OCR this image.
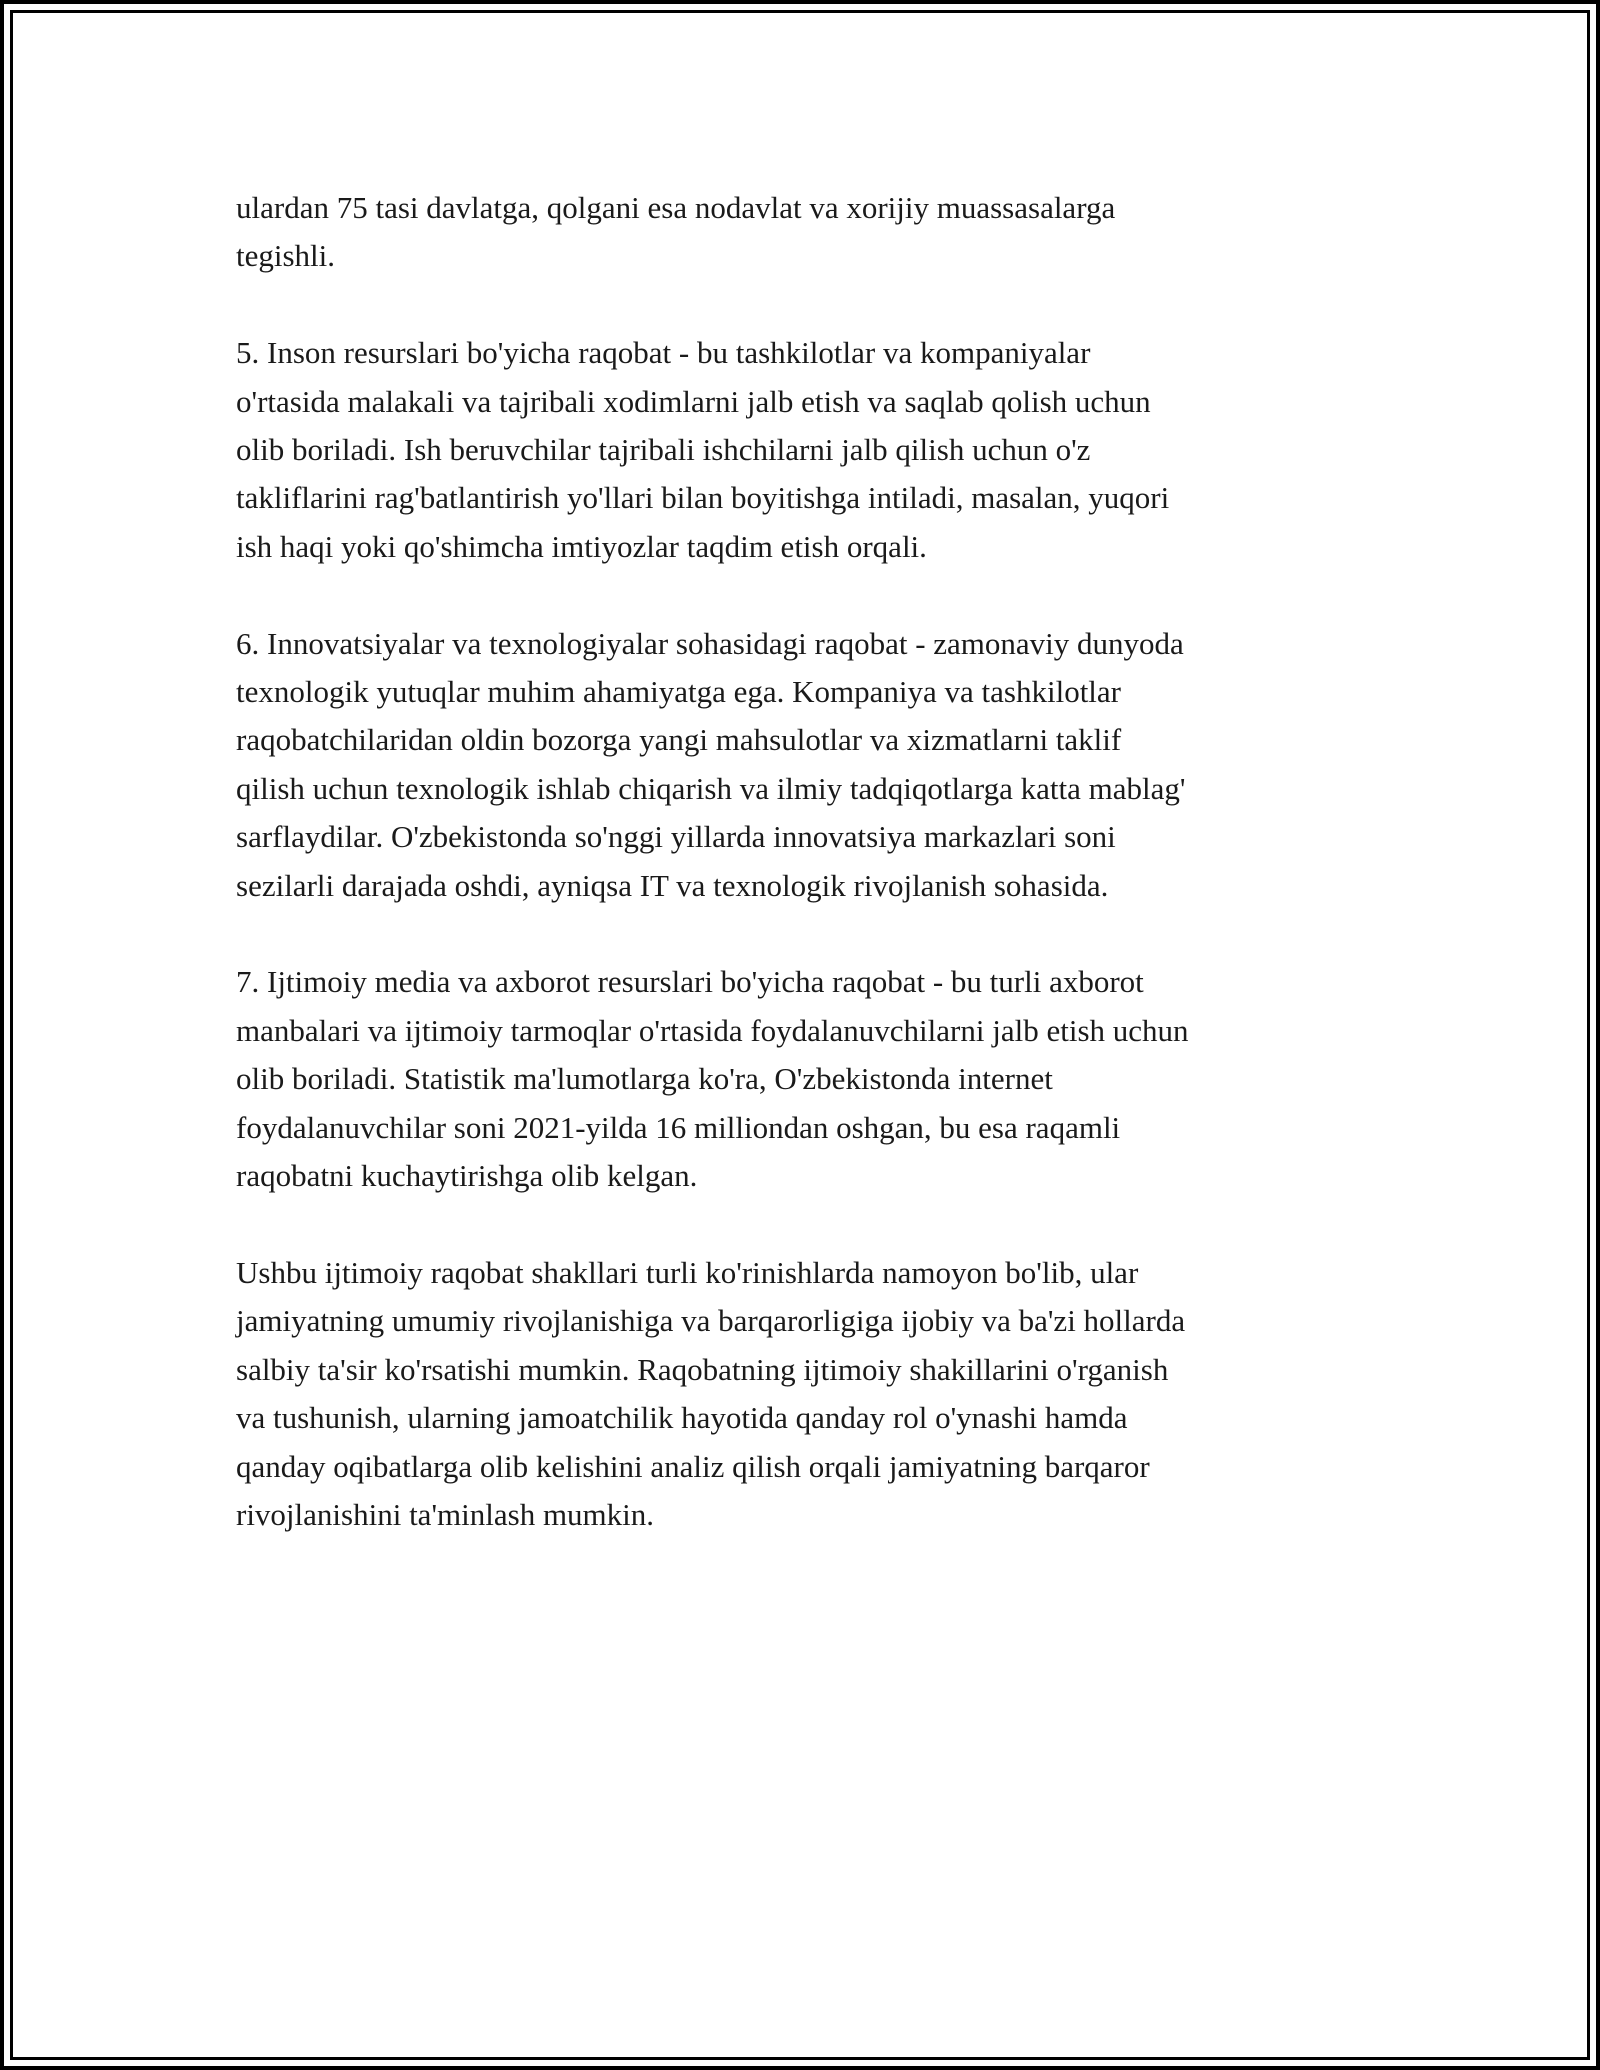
ulardan 75 tasi davlatga, qolgani esa nodavlat va xorijiy muassasalarga
tegishli.

5. Inson resurslari bo'yicha raqobat - bu tashkilotlar va kompaniyalar
o'rtasida malakali va tajribali xodimlarni jalb etish va saqlab qolish uchun
olib boriladi. Ish beruvchilar tajribali ishchilarni jalb qilish uchun o'z
takliflarini rag'batlantirish yo'llari bilan boyitishga intiladi, masalan, yuqori
ish haqi yoki qo'shimcha imtiyozlar taqdim etish orqali.

6. Innovatsiyalar va texnologiyalar sohasidagi raqobat - zamonaviy dunyoda
texnologik yutuqlar muhim ahamiyatga ega. Kompaniya va tashkilotlar
raqobatchilaridan oldin bozorga yangi mahsulotlar va xizmatlarni taklif
qilish uchun texnologik ishlab chiqarish va ilmiy tadqiqotlarga katta mablag'
sarflaydilar. O'zbekistonda so'nggi yillarda innovatsiya markazlari soni
sezilarli darajada oshdi, ayniqsa IT va texnologik rivojlanish sohasida.

7. Ijtimoiy media va axborot resurslari bo'yicha raqobat - bu turli axborot
manbalari va ijtimoiy tarmoqlar o'rtasida foydalanuvchilarni jalb etish uchun
olib boriladi. Statistik ma'lumotlarga ko'ra, O'zbekistonda internet
foydalanuvchilar soni 2021-yilda 16 milliondan oshgan, bu esa raqamli
raqobatni kuchaytirishga olib kelgan.

Ushbu ijtimoiy raqobat shakllari turli ko'rinishlarda namoyon bo'lib, ular
jamiyatning umumiy rivojlanishiga va barqarorligiga ijobiy va ba'zi hollarda
salbiy ta'sir ko'rsatishi mumkin. Raqobatning ijtimoiy shakillarini o'rganish
va tushunish, ularning jamoatchilik hayotida qanday rol o'ynashi hamda
qanday oqibatlarga olib kelishini analiz qilish orqali jamiyatning barqaror
rivojlanishini ta'minlash mumkin.
